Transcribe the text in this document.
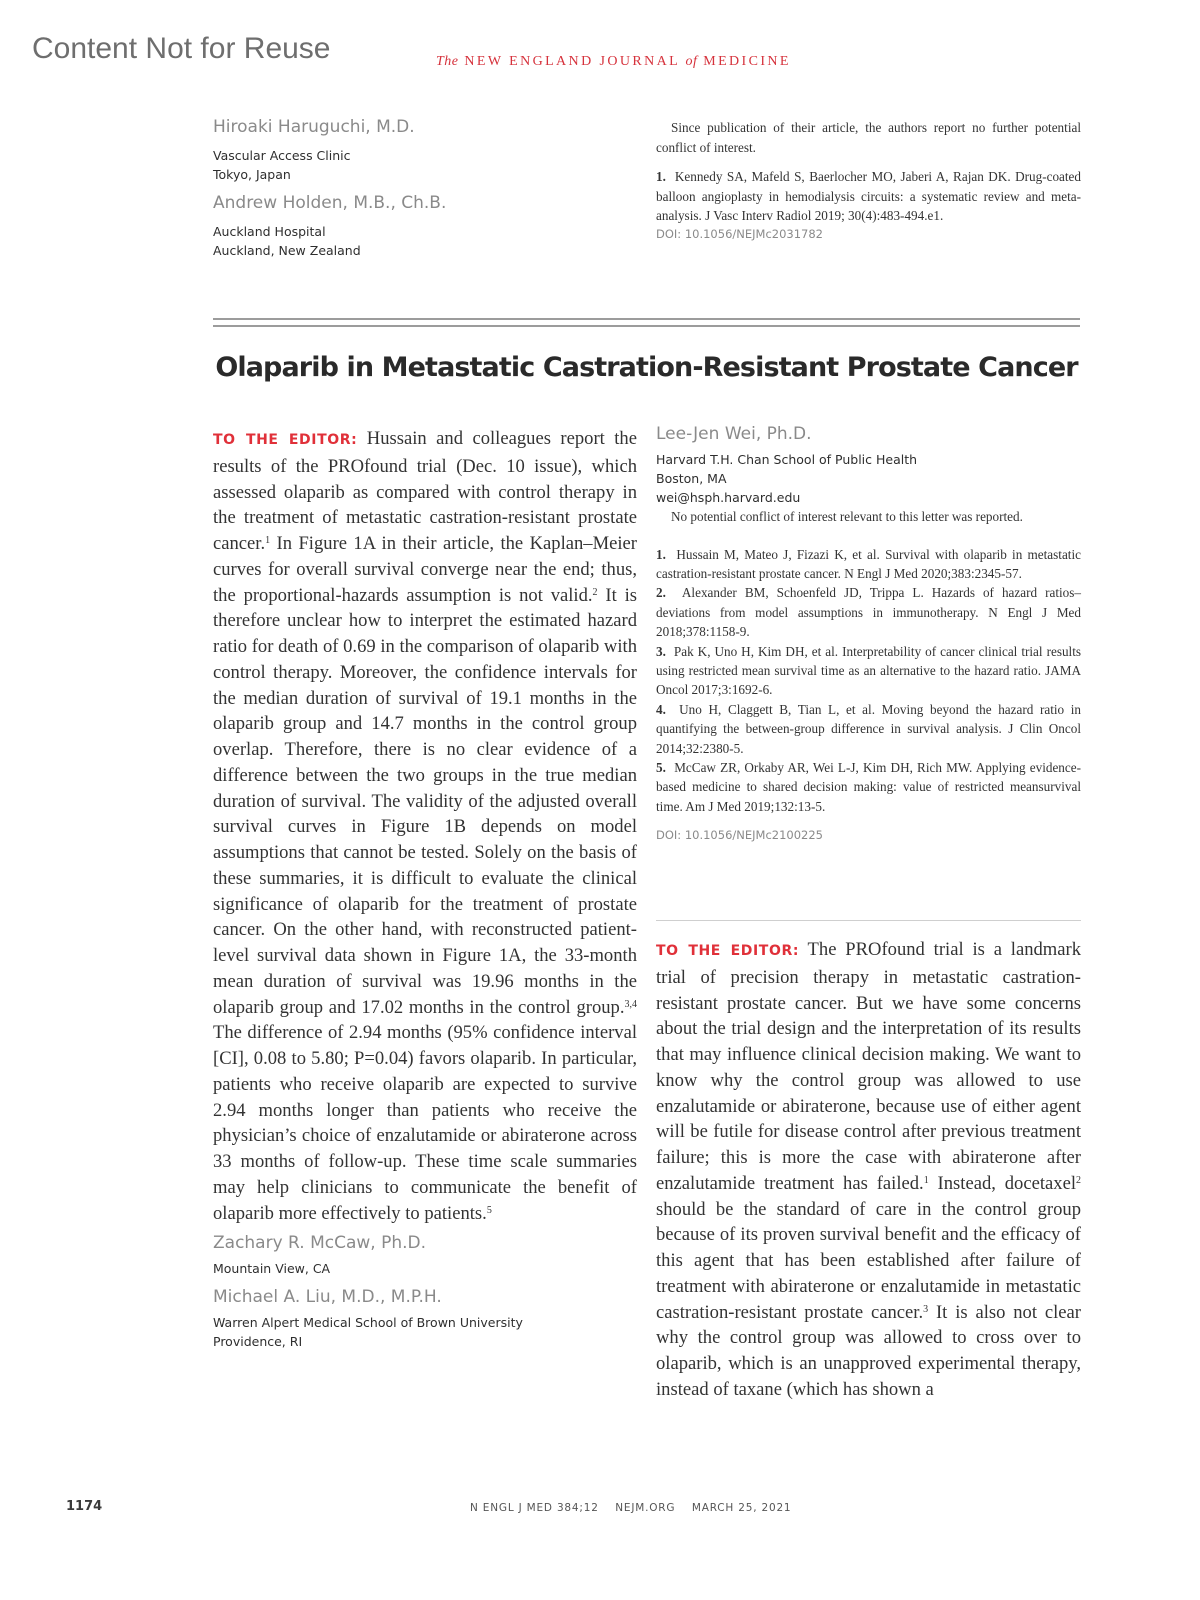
Content Not for Reuse	The NEW ENGLAND JOURNAL of MEDICINE

Hiroaki Haruguchi, M.D.

Vascular Access Clinic

Tokyo, Japan

Andrew Holden, M.B., Ch.B.

Auckland Hospital

Auckland, New Zealand

Since publication of their article, the authors report no further potential conflict of interest.

1. Kennedy SA, Mafeld S, Baerlocher MO, Jaberi A, Rajan DK. Drug-coated balloon angioplasty in hemodialysis circuits: a systematic review and meta-analysis. J Vasc Interv Radiol 2019; 30(4):483-494.e1.

DOI: 10.1056/NEJMc2031782

Olaparib in Metastatic Castration-Resistant Prostate Cancer

TO THE EDITOR: Hussain and colleagues report the results of the PROfound trial (Dec. 10 issue), which assessed olaparib as compared with control therapy in the treatment of metastatic castration-resistant prostate cancer.$^1$ In Figure 1A in their article, the Kaplan–Meier curves for overall survival converge near the end; thus, the proportional-hazards assumption is not valid.$^2$ It is therefore unclear how to interpret the estimated hazard ratio for death of 0.69 in the comparison of olaparib with control therapy. Moreover, the confidence intervals for the median duration of survival of 19.1 months in the olaparib group and 14.7 months in the control group overlap. Therefore, there is no clear evidence of a difference between the two groups in the true median duration of survival. The validity of the adjusted overall survival curves in Figure 1B depends on model assumptions that cannot be tested. Solely on the basis of these summaries, it is difficult to evaluate the clinical significance of olaparib for the treatment of prostate cancer. On the other hand, with reconstructed patient-level survival data shown in Figure 1A, the 33-month mean duration of survival was 19.96 months in the olaparib group and 17.02 months in the control group.$^{3,4}$ The difference of 2.94 months (95% confidence interval [CI], 0.08 to 5.80; P=0.04) favors olaparib. In particular, patients who receive olaparib are expected to survive 2.94 months longer than patients who receive the physician’s choice of enzalutamide or abiraterone across 33 months of follow-up. These time scale summaries may help clinicians to communicate the benefit of olaparib more effectively to patients.$^5$

Zachary R. McCaw, Ph.D.

Mountain View, CA

Michael A. Liu, M.D., M.P.H.

Warren Alpert Medical School of Brown University

Providence, RI

Lee-Jen Wei, Ph.D.

Harvard T.H. Chan School of Public Health

Boston, MA

wei@hsph.harvard.edu

No potential conflict of interest relevant to this letter was reported.

1. Hussain M, Mateo J, Fizazi K, et al. Survival with olaparib in metastatic castration-resistant prostate cancer. N Engl J Med 2020;383:2345-57.

2. Alexander BM, Schoenfeld JD, Trippa L. Hazards of hazard ratios–deviations from model assumptions in immunotherapy. N Engl J Med 2018;378:1158-9.

3. Pak K, Uno H, Kim DH, et al. Interpretability of cancer clinical trial results using restricted mean survival time as an alternative to the hazard ratio. JAMA Oncol 2017;3:1692-6.

4. Uno H, Claggett B, Tian L, et al. Moving beyond the hazard ratio in quantifying the between-group difference in survival analysis. J Clin Oncol 2014;32:2380-5.

5. McCaw ZR, Orkaby AR, Wei L-J, Kim DH, Rich MW. Applying evidence-based medicine to shared decision making: value of restricted meansurvival time. Am J Med 2019;132:13-5.

DOI: 10.1056/NEJMc2100225

TO THE EDITOR: The PROfound trial is a landmark trial of precision therapy in metastatic castration-resistant prostate cancer. But we have some concerns about the trial design and the interpretation of its results that may influence clinical decision making. We want to know why the control group was allowed to use enzalutamide or abiraterone, because use of either agent will be futile for disease control after previous treatment failure; this is more the case with abiraterone after enzalutamide treatment has failed.$^1$ Instead, docetaxel$^2$ should be the standard of care in the control group because of its proven survival benefit and the efficacy of this agent that has been established after failure of treatment with abiraterone or enzalutamide in metastatic castration-resistant prostate cancer.$^3$ It is also not clear why the control group was allowed to cross over to olaparib, which is an unapproved experimental therapy, instead of taxane (which has shown a

1174	N ENGL J MED 384;12    NEJM.ORG    MARCH 25, 2021
